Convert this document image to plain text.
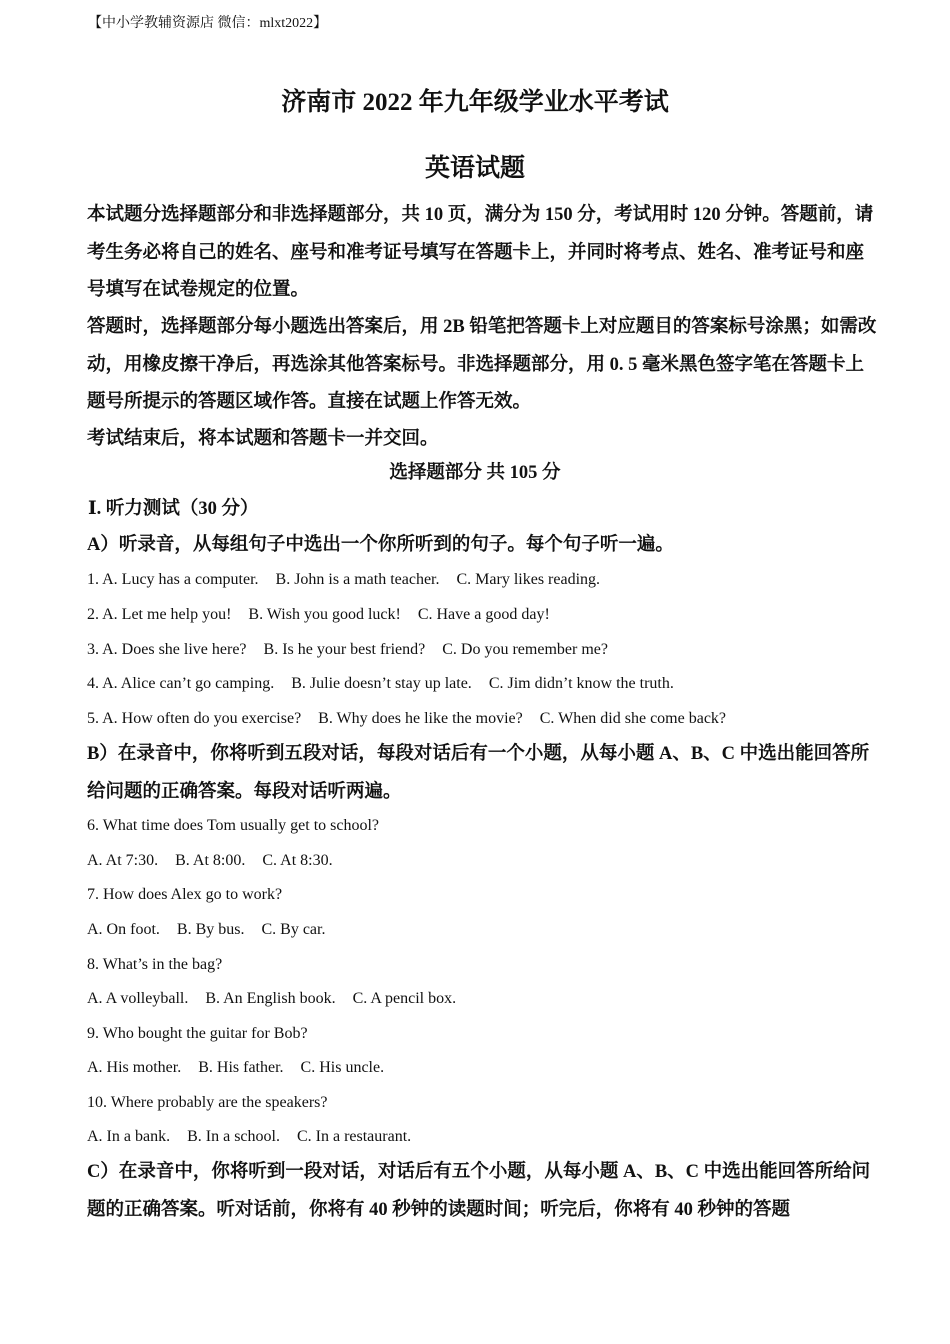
【中小学教辅资源店 微信：mlxt2022】
济南市 2022 年九年级学业水平考试
英语试题
本试题分选择题部分和非选择题部分，共 10 页，满分为 150 分，考试用时 120 分钟。答题前，请考生务必将自己的姓名、座号和准考证号填写在答题卡上，并同时将考点、姓名、准考证号和座号填写在试卷规定的位置。
答题时，选择题部分每小题选出答案后，用 2B 铅笔把答题卡上对应题目的答案标号涂黑；如需改动，用橡皮擦干净后，再选涂其他答案标号。非选择题部分，用 0. 5 毫米黑色签字笔在答题卡上题号所提示的答题区域作答。直接在试题上作答无效。
考试结束后，将本试题和答题卡一并交回。
选择题部分 共 105 分
Ⅰ. 听力测试（30 分）
A）听录音，从每组句子中选出一个你所听到的句子。每个句子听一遍。
1. A. Lucy has a computer. B. John is a math teacher. C. Mary likes reading.
2. A. Let me help you! B. Wish you good luck! C. Have a good day!
3. A. Does she live here? B. Is he your best friend? C. Do you remember me?
4. A. Alice can’t go camping. B. Julie doesn’t stay up late. C. Jim didn’t know the truth.
5. A. How often do you exercise? B. Why does he like the movie? C. When did she come back?
B）在录音中，你将听到五段对话，每段对话后有一个小题，从每小题 A、B、C 中选出能回答所给问题的正确答案。每段对话听两遍。
6. What time does Tom usually get to school?
A. At 7:30. B. At 8:00. C. At 8:30.
7. How does Alex go to work?
A. On foot. B. By bus. C. By car.
8. What’s in the bag?
A. A volleyball. B. An English book. C. A pencil box.
9. Who bought the guitar for Bob?
A. His mother. B. His father. C. His uncle.
10. Where probably are the speakers?
A. In a bank. B. In a school. C. In a restaurant.
C）在录音中，你将听到一段对话，对话后有五个小题，从每小题 A、B、C 中选出能回答所给问题的正确答案。听对话前，你将有 40 秒钟的读题时间；听完后，你将有 40 秒钟的答题
